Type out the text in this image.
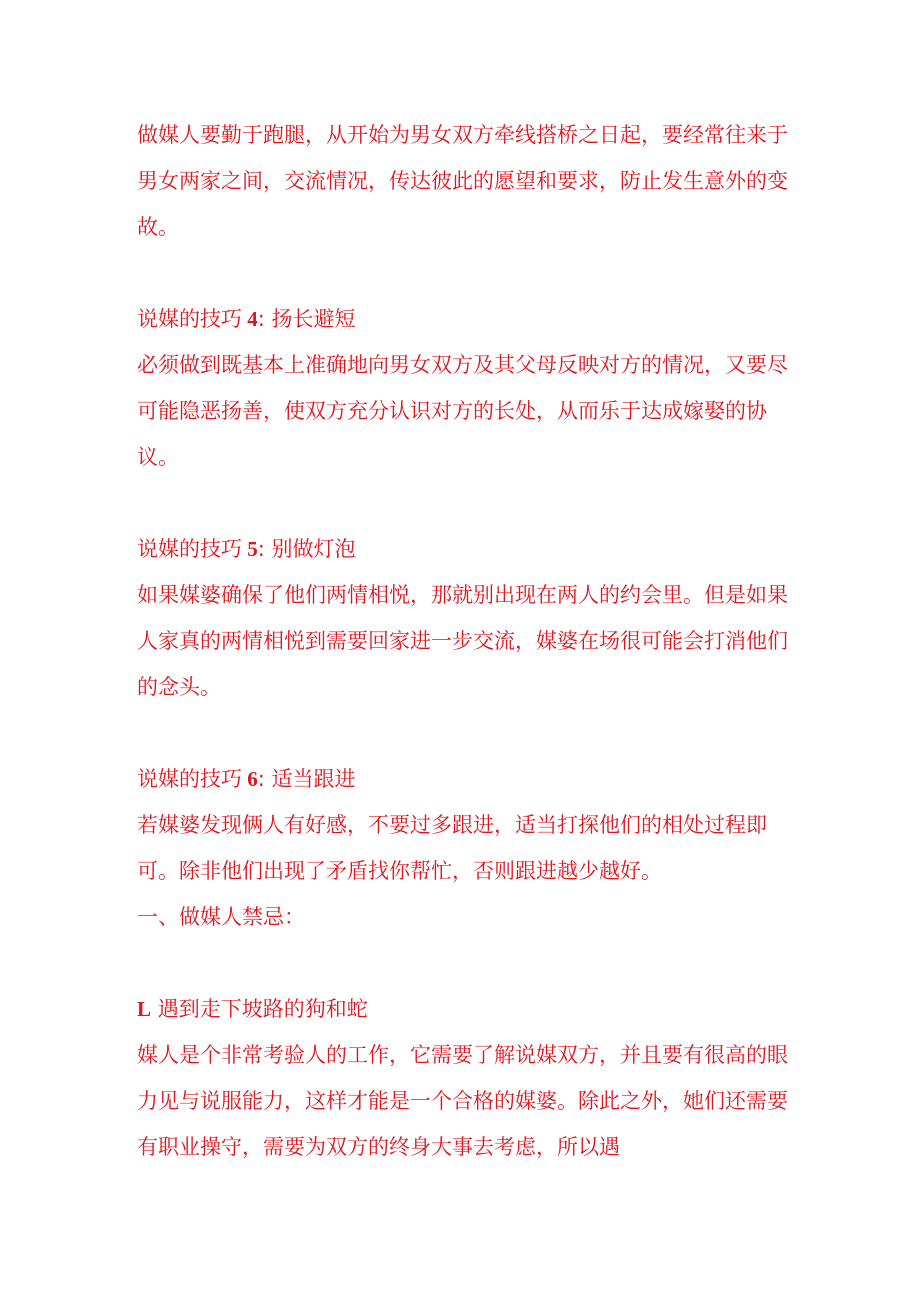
做媒人要勤于跑腿，从开始为男女双方牵线搭桥之日起，要经常往来于男女两家之间，交流情况，传达彼此的愿望和要求，防止发生意外的变故。

说媒的技巧 4: 扬长避短

必须做到既基本上准确地向男女双方及其父母反映对方的情况，又要尽可能隐恶扬善，使双方充分认识对方的长处，从而乐于达成嫁娶的协议。

说媒的技巧 5: 别做灯泡

如果媒婆确保了他们两情相悦，那就别出现在两人的约会里。但是如果人家真的两情相悦到需要回家进一步交流，媒婆在场很可能会打消他们的念头。

说媒的技巧 6: 适当跟进

若媒婆发现俩人有好感，不要过多跟进，适当打探他们的相处过程即可。除非他们出现了矛盾找你帮忙，否则跟进越少越好。

一、做媒人禁忌：

L 遇到走下坡路的狗和蛇

媒人是个非常考验人的工作，它需要了解说媒双方，并且要有很高的眼力见与说服能力，这样才能是一个合格的媒婆。除此之外，她们还需要有职业操守，需要为双方的终身大事去考虑，所以遇
